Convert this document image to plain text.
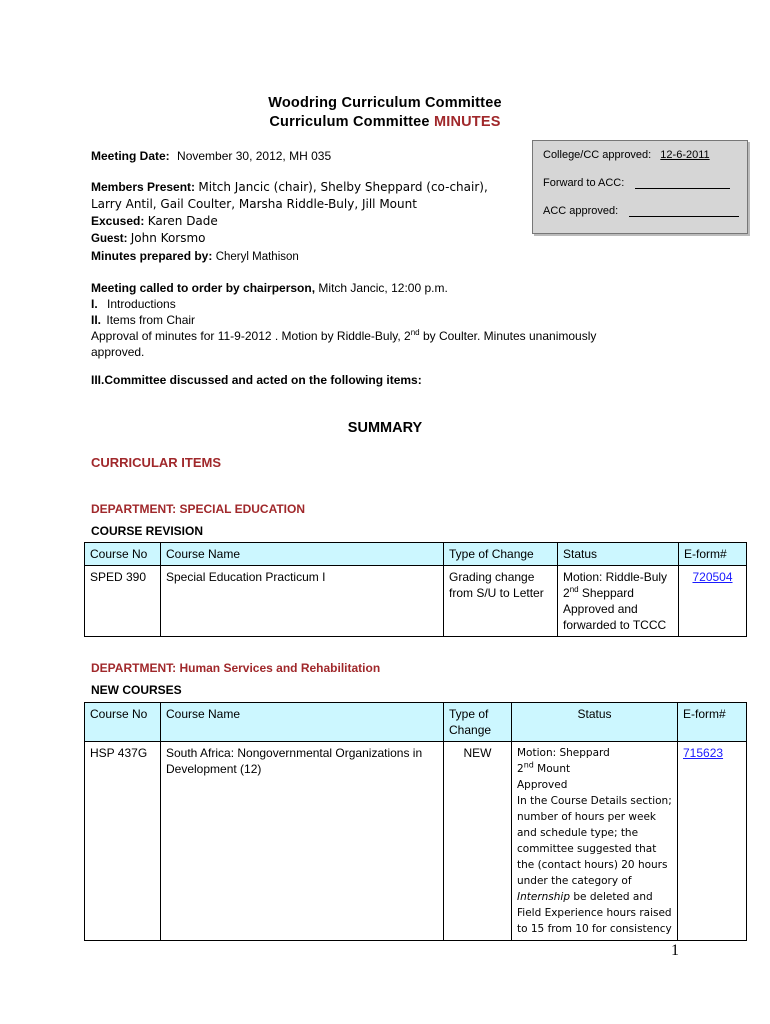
Woodring Curriculum Committee
Curriculum Committee MINUTES
College/CC approved: 12-6-2011
Forward to ACC:
ACC approved:
Meeting Date: November 30, 2012, MH 035
Members Present: Mitch Jancic (chair), Shelby Sheppard (co-chair),
Larry Antil, Gail Coulter, Marsha Riddle-Buly, Jill Mount
Excused: Karen Dade
Guest: John Korsmo
Minutes prepared by: Cheryl Mathison
Meeting called to order by chairperson, Mitch Jancic, 12:00 p.m.
I. Introductions
II. Items from Chair
Approval of minutes for 11-9-2012 . Motion by Riddle-Buly, 2nd by Coulter. Minutes unanimously
approved.
III.Committee discussed and acted on the following items:
SUMMARY
CURRICULAR ITEMS
DEPARTMENT: SPECIAL EDUCATION
COURSE REVISION
Course No	Course Name	Type of Change	Status	E-form#
SPED 390	Special Education Practicum I	Grading change from S/U to Letter	Motion: Riddle-Buly
2nd Sheppard
Approved and forwarded to TCCC	720504
DEPARTMENT: Human Services and Rehabilitation
NEW COURSES
Course No	Course Name	Type of Change	Status	E-form#
HSP 437G	South Africa: Nongovernmental Organizations in Development (12)	NEW	Motion: Sheppard
2nd Mount
Approved
In the Course Details section; number of hours per week and schedule type; the committee suggested that the (contact hours) 20 hours under the category of Internship be deleted and Field Experience hours raised to 15 from 10 for consistency	715623
1
